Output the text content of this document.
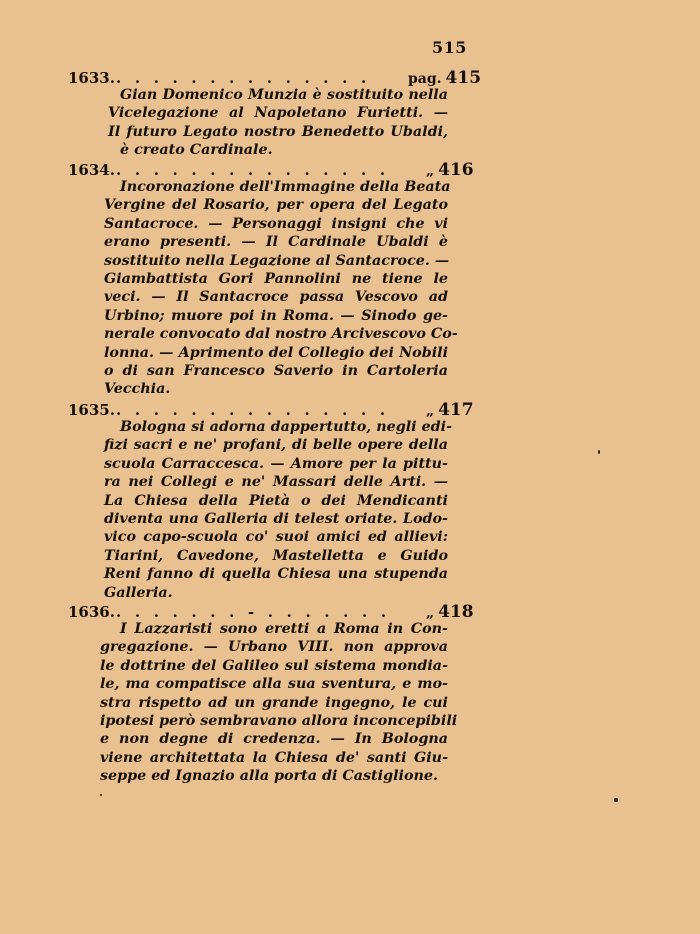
515
1633. . . . . . . . . . . . . . .	pag. 415
Gian Domenico Munzia è sostituito nella
Vicelegazione al Napoletano Furietti. —
Il futuro Legato nostro Benedetto Ubaldi,
è creato Cardinale.
1634. . . . . . . . . . . . . . . .	„ 416
Incoronazione dell'Immagine della Beata
Vergine del Rosario, per opera del Legato
Santacroce. — Personaggi insigni che vi
erano presenti. — Il Cardinale Ubaldi è
sostituito nella Legazione al Santacroce. —
Giambattista Gori Pannolini ne tiene le
veci. — Il Santacroce passa Vescovo ad
Urbino; muore poi in Roma. — Sinodo ge-
nerale convocato dal nostro Arcivescovo Co-
lonna. — Aprimento del Collegio dei Nobili
o di san Francesco Saverio in Cartoleria
Vecchia.
1635. . . . . . . . . . . . . . . .	„ 417
Bologna si adorna dappertutto, negli edi-
fizi sacri e ne' profani, di belle opere della
scuola Carraccesca. — Amore per la pittu-
ra nei Collegi e ne' Massari delle Arti. —
La Chiesa della Pietà o dei Mendicanti
diventa una Galleria di telest oriate. Lodo-
vico capo-scuola co' suoi amici ed allievi:
Tiarini, Cavedone, Mastelletta e Guido
Reni fanno di quella Chiesa una stupenda
Galleria.
1636. . . . . . . . - . . . . . . .	„ 418
I Lazzaristi sono eretti a Roma in Con-
gregazione. — Urbano VIII. non approva
le dottrine del Galileo sul sistema mondia-
le, ma compatisce alla sua sventura, e mo-
stra rispetto ad un grande ingegno, le cui
ipotesi però sembravano allora inconcepibili
e non degne di credenza. — In Bologna
viene architettata la Chiesa de' santi Giu-
seppe ed Ignazio alla porta di Castiglione.
